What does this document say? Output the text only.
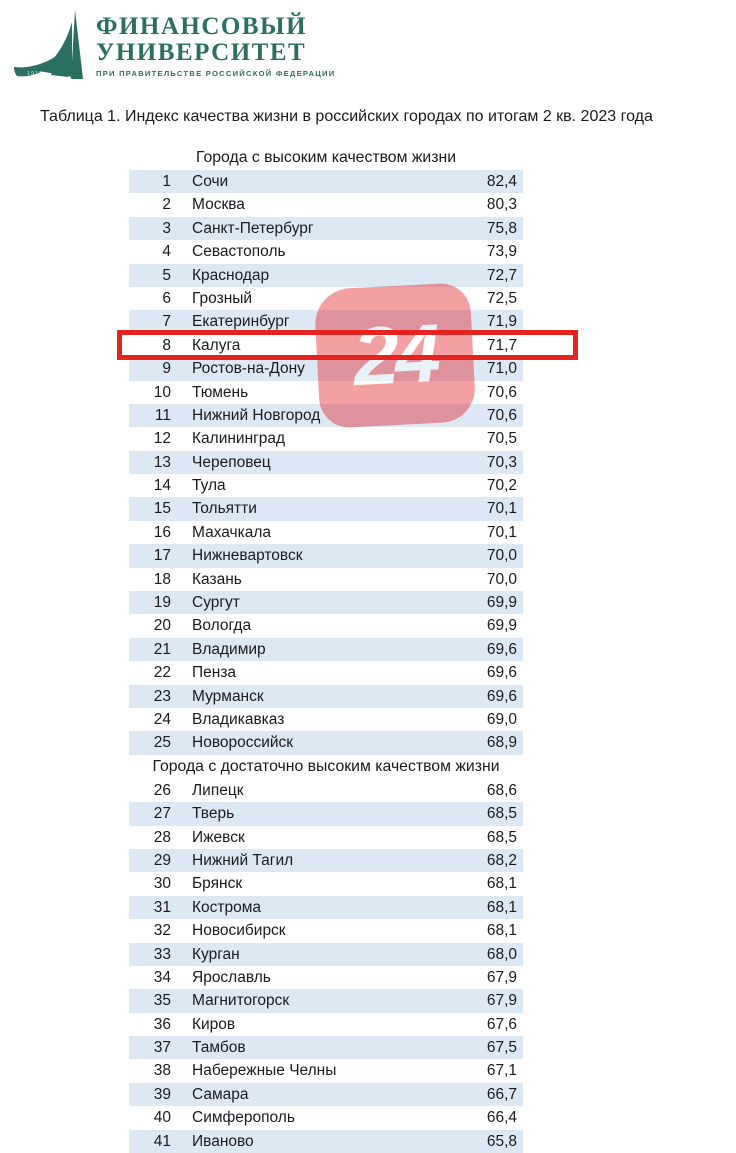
1919
ФИНАНСОВЫЙ
УНИВЕРСИТЕТ
ПРИ ПРАВИТЕЛЬСТВЕ РОССИЙСКОЙ ФЕДЕРАЦИИ
Таблица 1. Индекс качества жизни в российских городах по итогам 2 кв. 2023 года
Города с высоким качеством жизни
1	Сочи	82,4
2	Москва	80,3
3	Санкт-Петербург	75,8
4	Севастополь	73,9
5	Краснодар	72,7
6	Грозный	72,5
7	Екатеринбург	71,9
8	Калуга	71,7
9	Ростов-на-Дону	71,0
10	Тюмень	70,6
11	Нижний Новгород	70,6
12	Калининград	70,5
13	Череповец	70,3
14	Тула	70,2
15	Тольятти	70,1
16	Махачкала	70,1
17	Нижневартовск	70,0
18	Казань	70,0
19	Сургут	69,9
20	Вологда	69,9
21	Владимир	69,6
22	Пенза	69,6
23	Мурманск	69,6
24	Владикавказ	69,0
25	Новороссийск	68,9
Города с достаточно высоким качеством жизни
26	Липецк	68,6
27	Тверь	68,5
28	Ижевск	68,5
29	Нижний Тагил	68,2
30	Брянск	68,1
31	Кострома	68,1
32	Новосибирск	68,1
33	Курган	68,0
34	Ярославль	67,9
35	Магнитогорск	67,9
36	Киров	67,6
37	Тамбов	67,5
38	Набережные Челны	67,1
39	Самара	66,7
40	Симферополь	66,4
41	Иваново	65,8
24
